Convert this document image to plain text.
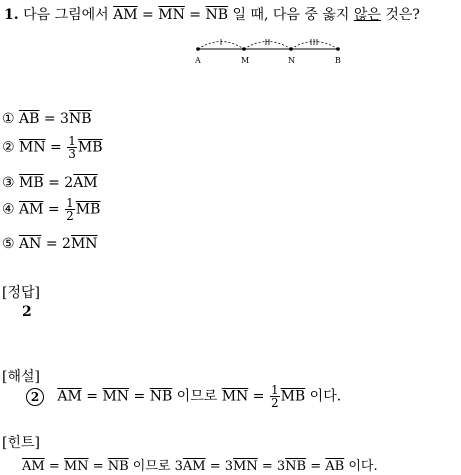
1. 다음 그림에서 $\overline{AM} = \overline{MN} = \overline{NB}$ 일 때, 다음 중 옳지 않은 것은?
A	M	N	B
① $\overline{AB} = 3\overline{NB}$
② $\overline{MN} = \frac{1}{3} \overline{MB}$
③ $\overline{MB} = 2\overline{AM}$
④ $\overline{AM} = \frac{1}{2} \overline{MB}$
⑤ $\overline{AN} = 2\overline{MN}$
[정답]
2
[해설]
2 $\overline{AM} = \overline{MN} = \overline{NB}$ 이므로 $\overline{MN} = \frac{1}{2} \overline{MB}$ 이다.
[힌트]
$\overline{AM} = \overline{MN} = \overline{NB}$ 이므로 $3\overline{AM} = 3\overline{MN} = 3\overline{NB} = \overline{AB}$ 이다.
